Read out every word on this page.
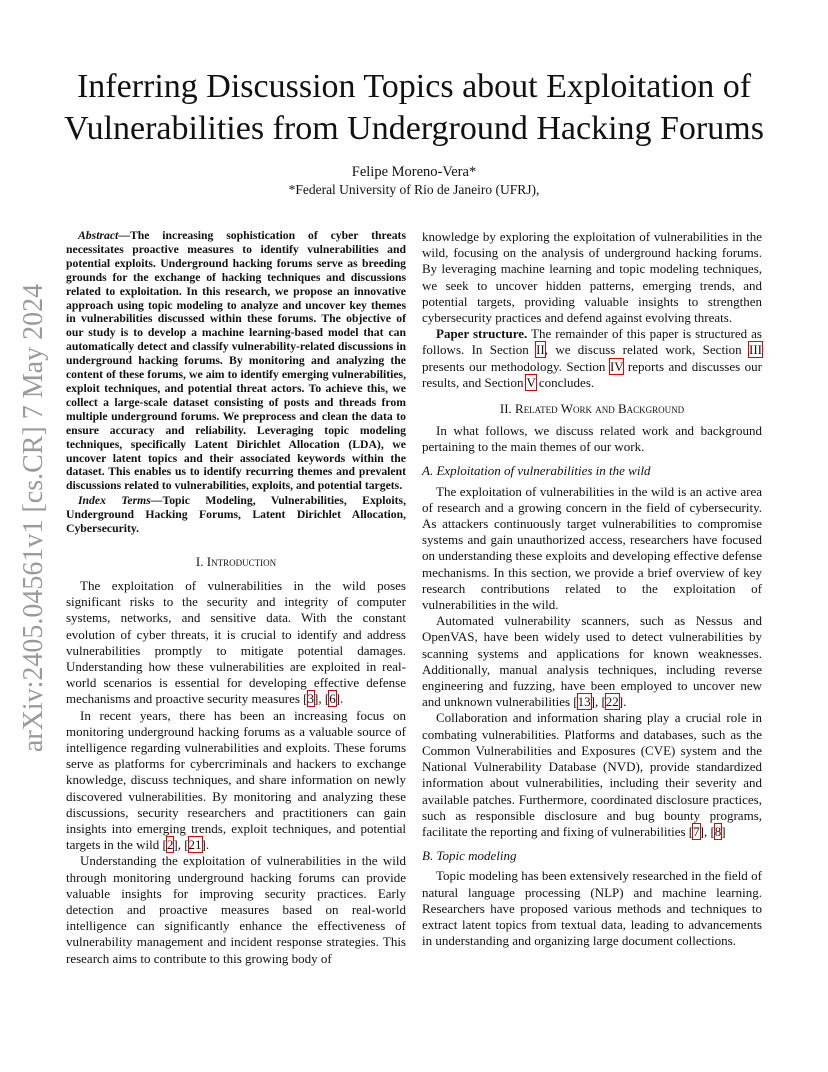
arXiv:2405.04561v1 [cs.CR] 7 May 2024
Inferring Discussion Topics about Exploitation of
Vulnerabilities from Underground Hacking Forums
Felipe Moreno-Vera*
*Federal University of Rio de Janeiro (UFRJ),

Abstract—The increasing sophistication of cyber threats necessitates proactive measures to identify vulnerabilities and potential exploits. Underground hacking forums serve as breeding grounds for the exchange of hacking techniques and discussions related to exploitation. In this research, we propose an innovative approach using topic modeling to analyze and uncover key themes in vulnerabilities discussed within these forums. The objective of our study is to develop a machine learning-based model that can automatically detect and classify vulnerability-related discussions in underground hacking forums. By monitoring and analyzing the content of these forums, we aim to identify emerging vulnerabilities, exploit techniques, and potential threat actors. To achieve this, we collect a large-scale dataset consisting of posts and threads from multiple underground forums. We preprocess and clean the data to ensure accuracy and reliability. Leveraging topic modeling techniques, specifically Latent Dirichlet Allocation (LDA), we uncover latent topics and their associated keywords within the dataset. This enables us to identify recurring themes and prevalent discussions related to vulnerabilities, exploits, and potential targets.

Index Terms—Topic Modeling, Vulnerabilities, Exploits, Underground Hacking Forums, Latent Dirichlet Allocation, Cybersecurity.

I. Introduction

The exploitation of vulnerabilities in the wild poses significant risks to the security and integrity of computer systems, networks, and sensitive data. With the constant evolution of cyber threats, it is crucial to identify and address vulnerabilities promptly to mitigate potential damages. Understanding how these vulnerabilities are exploited in real-world scenarios is essential for developing effective defense mechanisms and proactive security measures [3], [6].

In recent years, there has been an increasing focus on monitoring underground hacking forums as a valuable source of intelligence regarding vulnerabilities and exploits. These forums serve as platforms for cybercriminals and hackers to exchange knowledge, discuss techniques, and share information on newly discovered vulnerabilities. By monitoring and analyzing these discussions, security researchers and practitioners can gain insights into emerging trends, exploit techniques, and potential targets in the wild [2], [21].

Understanding the exploitation of vulnerabilities in the wild through monitoring underground hacking forums can provide valuable insights for improving security practices. Early detection and proactive measures based on real-world intelligence can significantly enhance the effectiveness of vulnerability management and incident response strategies. This research aims to contribute to this growing body of

knowledge by exploring the exploitation of vulnerabilities in the wild, focusing on the analysis of underground hacking forums. By leveraging machine learning and topic modeling techniques, we seek to uncover hidden patterns, emerging trends, and potential targets, providing valuable insights to strengthen cybersecurity practices and defend against evolving threats.

Paper structure. The remainder of this paper is structured as follows. In Section II, we discuss related work, Section III presents our methodology. Section IV reports and discusses our results, and Section V concludes.

II. Related Work and Background

In what follows, we discuss related work and background pertaining to the main themes of our work.

A. Exploitation of vulnerabilities in the wild

The exploitation of vulnerabilities in the wild is an active area of research and a growing concern in the field of cybersecurity. As attackers continuously target vulnerabilities to compromise systems and gain unauthorized access, researchers have focused on understanding these exploits and developing effective defense mechanisms. In this section, we provide a brief overview of key research contributions related to the exploitation of vulnerabilities in the wild.

Automated vulnerability scanners, such as Nessus and OpenVAS, have been widely used to detect vulnerabilities by scanning systems and applications for known weaknesses. Additionally, manual analysis techniques, including reverse engineering and fuzzing, have been employed to uncover new and unknown vulnerabilities [13], [22].

Collaboration and information sharing play a crucial role in combating vulnerabilities. Platforms and databases, such as the Common Vulnerabilities and Exposures (CVE) system and the National Vulnerability Database (NVD), provide standardized information about vulnerabilities, including their severity and available patches. Furthermore, coordinated disclosure practices, such as responsible disclosure and bug bounty programs, facilitate the reporting and fixing of vulnerabilities [7], [8]

B. Topic modeling

Topic modeling has been extensively researched in the field of natural language processing (NLP) and machine learning. Researchers have proposed various methods and techniques to extract latent topics from textual data, leading to advancements in understanding and organizing large document collections.
